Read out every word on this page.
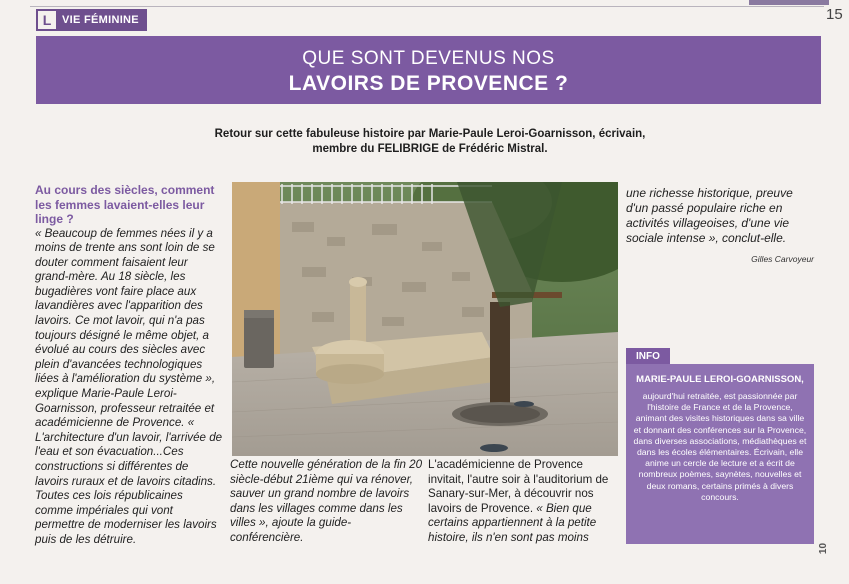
L VIE FÉMININE	15
QUE SONT DEVENUS NOS
LAVOIRS DE PROVENCE ?
Retour sur cette fabuleuse histoire par Marie-Paule Leroi-Goarnisson, écrivain,
membre du FELIBRIGE de Frédéric Mistral.
Au cours des siècles, comment les femmes lavaient-elles leur linge ?

« Beaucoup de femmes nées il y a moins de trente ans sont loin de se douter comment faisaient leur grand-mère. Au 18 siècle, les bugadières vont faire place aux lavandières avec l'apparition des lavoirs. Ce mot lavoir, qui n'a pas toujours désigné le même objet, a évolué au cours des siècles avec plein d'avancées technologiques liées à l'amélioration du système », explique Marie-Paule Leroi-Goarnisson, professeur retraitée et académicienne de Provence. « L'architecture d'un lavoir, l'arrivée de l'eau et son évacuation...Ces constructions si différentes de lavoirs ruraux et de lavoirs citadins. Toutes ces lois républicaines comme impériales qui vont permettre de moderniser les lavoirs puis de les détruire.

Cette nouvelle génération de la fin 20 siècle-début 21ième qui va rénover, sauver un grand nombre de lavoirs dans les villages comme dans les villes », ajoute la guide-conférencière.

L'académicienne de Provence invitait, l'autre soir à l'auditorium de Sanary-sur-Mer, à découvrir nos lavoirs de Provence. « Bien que certains appartiennent à la petite histoire, ils n'en sont pas moins

une richesse historique, preuve d'un passé populaire riche en activités villageoises, d'une vie sociale intense », conclut-elle.

Gilles Carvoyeur
INFO
MARIE-PAULE LEROI-GOARNISSON,

aujourd'hui retraitée, est passionnée par l'histoire de France et de la Provence, animant des visites historiques dans sa ville et donnant des conférences sur la Provence, dans diverses associations, médiathèques et dans les écoles élémentaires. Écrivain, elle anime un cercle de lecture et a écrit de nombreux poèmes, saynètes, nouvelles et deux romans, certains primés à divers concours.

10
